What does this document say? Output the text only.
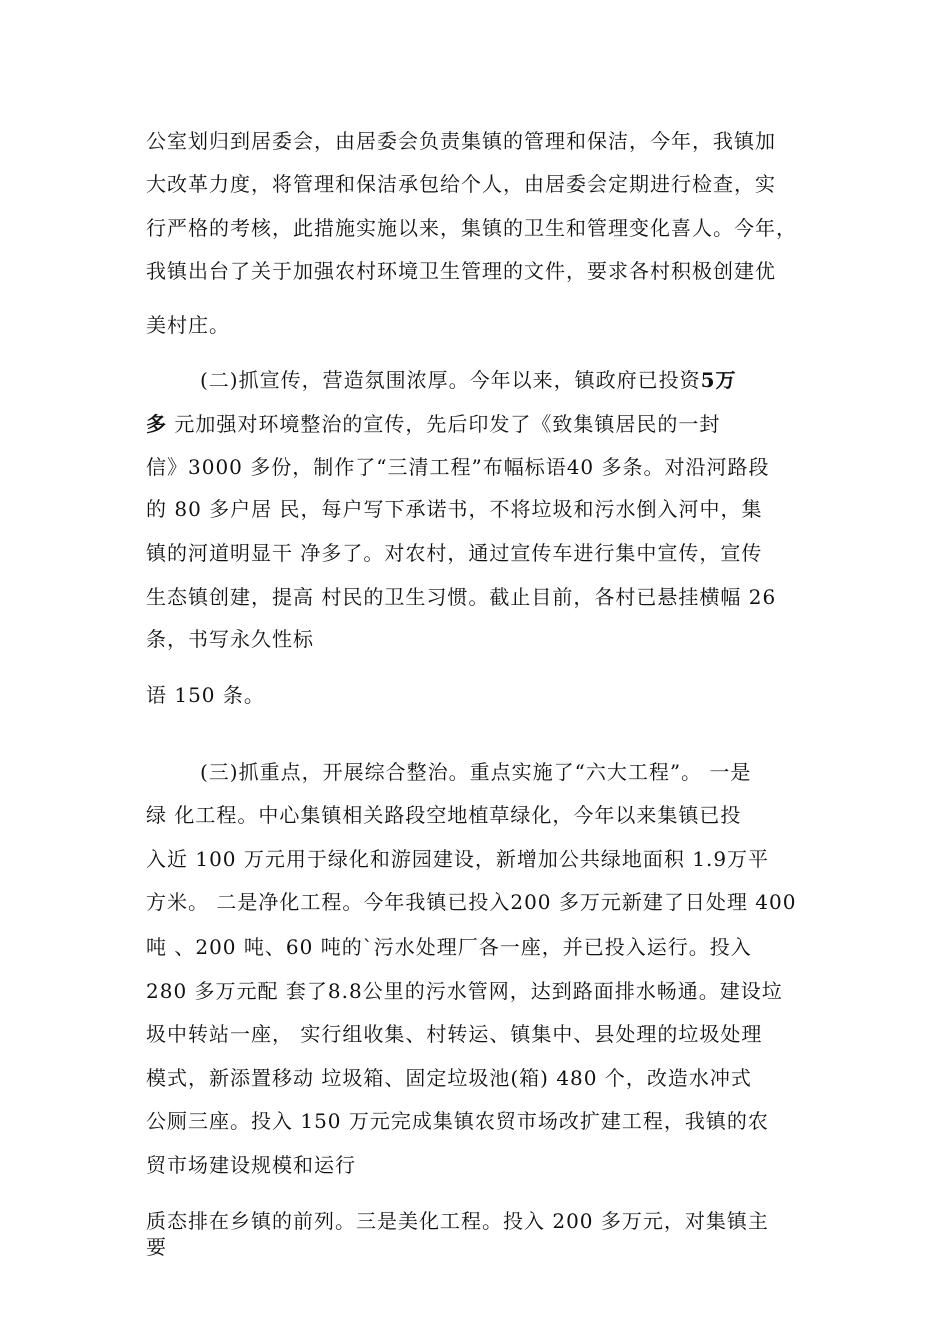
公室划归到居委会，由居委会负责集镇的管理和保洁，今年，我镇加
大改革力度，将管理和保洁承包给个人，由居委会定期进行检查，实
行严格的考核，此措施实施以来，集镇的卫生和管理变化喜人。今年，
我镇出台了关于加强农村环境卫生管理的文件，要求各村积极创建优
美村庄。
(二)抓宣传，营造氛围浓厚。今年以来，镇政府已投资5万
多 元加强对环境整治的宣传，先后印发了《致集镇居民的一封
信》3000 多份，制作了“三清工程”布幅标语40 多条。对沿河路段
的 80 多户居 民，每户写下承诺书，不将垃圾和污水倒入河中，集
镇的河道明显干 净多了。对农村，通过宣传车进行集中宣传，宣传
生态镇创建，提高 村民的卫生习惯。截止目前，各村已悬挂横幅 26
条，书写永久性标
语 150 条。
(三)抓重点，开展综合整治。重点实施了“六大工程”。 一是
绿 化工程。中心集镇相关路段空地植草绿化，今年以来集镇已投
入近 100 万元用于绿化和游园建设，新增加公共绿地面积 1.9万平
方米。 二是净化工程。今年我镇已投入200 多万元新建了日处理 400
吨 、200 吨、60 吨的`污水处理厂各一座，并已投入运行。投入
280 多万元配 套了8.8公里的污水管网，达到路面排水畅通。建设垃
圾中转站一座， 实行组收集、村转运、镇集中、县处理的垃圾处理
模式，新添置移动 垃圾箱、固定垃圾池(箱) 480 个，改造水冲式
公厕三座。投入 150 万元完成集镇农贸市场改扩建工程，我镇的农
贸市场建设规模和运行
质态排在乡镇的前列。三是美化工程。投入 200 多万元，对集镇主
要
